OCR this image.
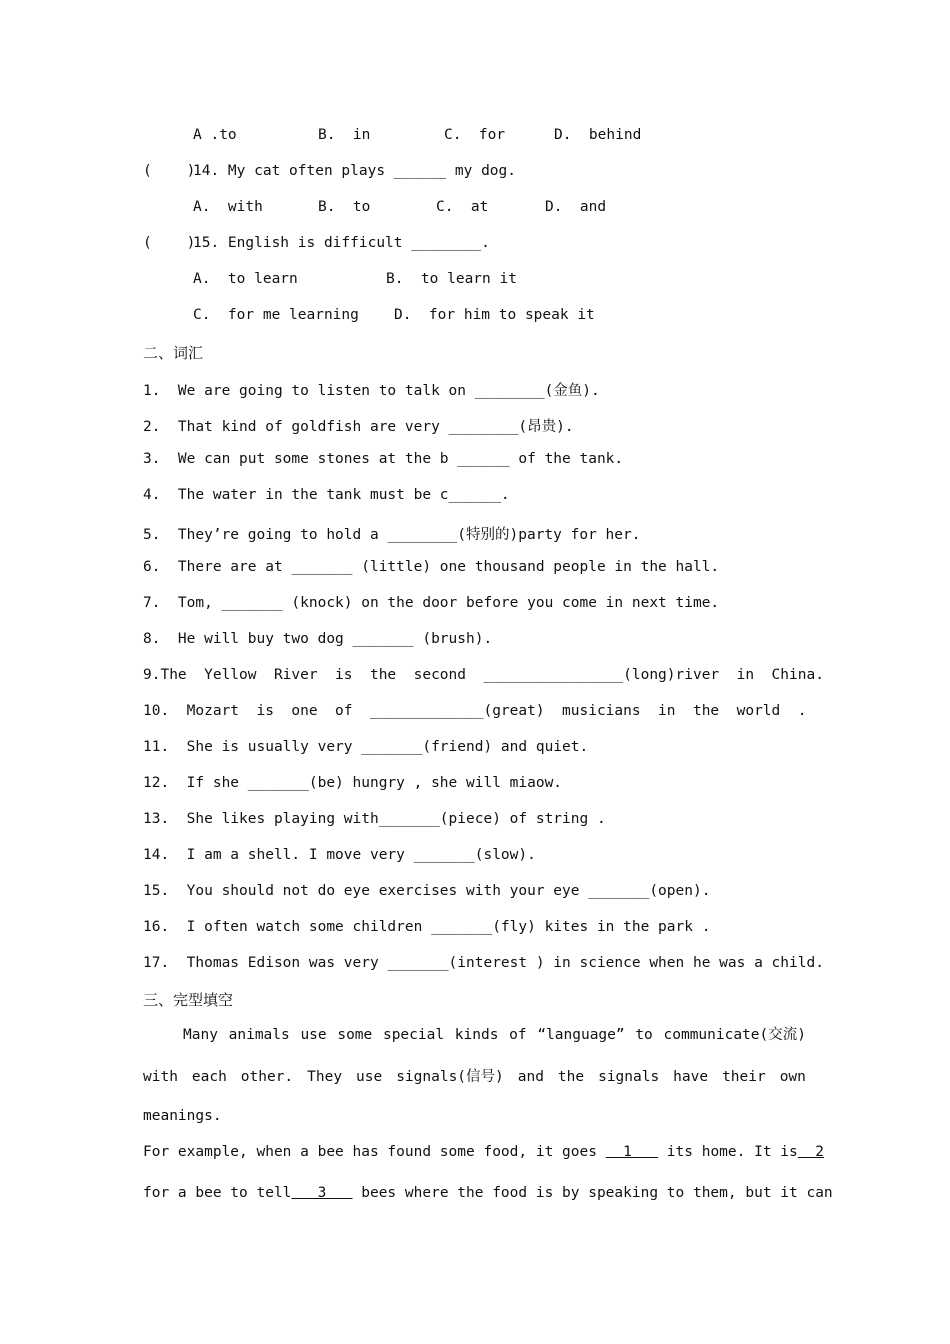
A .to	B.  in	C.  for	D.  behind
(    )
14. My cat often plays ______ my dog.
A.  with	B.  to	C.  at	D.  and
(    )
15. English is difficult ________.
A.  to learn	B.  to learn it
C.  for me learning D.  for him to speak it
二、词汇
1.  We are going to listen to talk on ________(金鱼).
2.  That kind of goldfish are very ________(昂贵).
3.  We can put some stones at the b ______ of the tank.
4.  The water in the tank must be c______.
5.  They’re going to hold a ________(特别的)party for her.
6.  There are at _______ (little) one thousand people in the hall.
7.  Tom, _______ (knock) on the door before you come in next time.
8.  He will buy two dog _______ (brush).
9.The  Yellow  River  is  the  second  ________________(long)river  in  China.
10.  Mozart  is  one  of  _____________(great)  musicians  in  the  world  .
11.  She is usually very _______(friend) and quiet.
12.  If she _______(be) hungry , she will miaow.
13.  She likes playing with_______(piece) of string .
14.  I am a shell. I move very _______(slow).
15.  You should not do eye exercises with your eye _______(open).
16.  I often watch some children _______(fly) kites in the park .
17.  Thomas Edison was very _______(interest ) in science when he was a child.
三、完型填空
Many animals use some special kinds of “language” to communicate(交流)
with each other. They use signals(信号) and the signals have their own
meanings.
For example, when a bee has found some food, it goes   1    its home. It is  2
for a bee to tell   3    bees where the food is by speaking to them, but it can
